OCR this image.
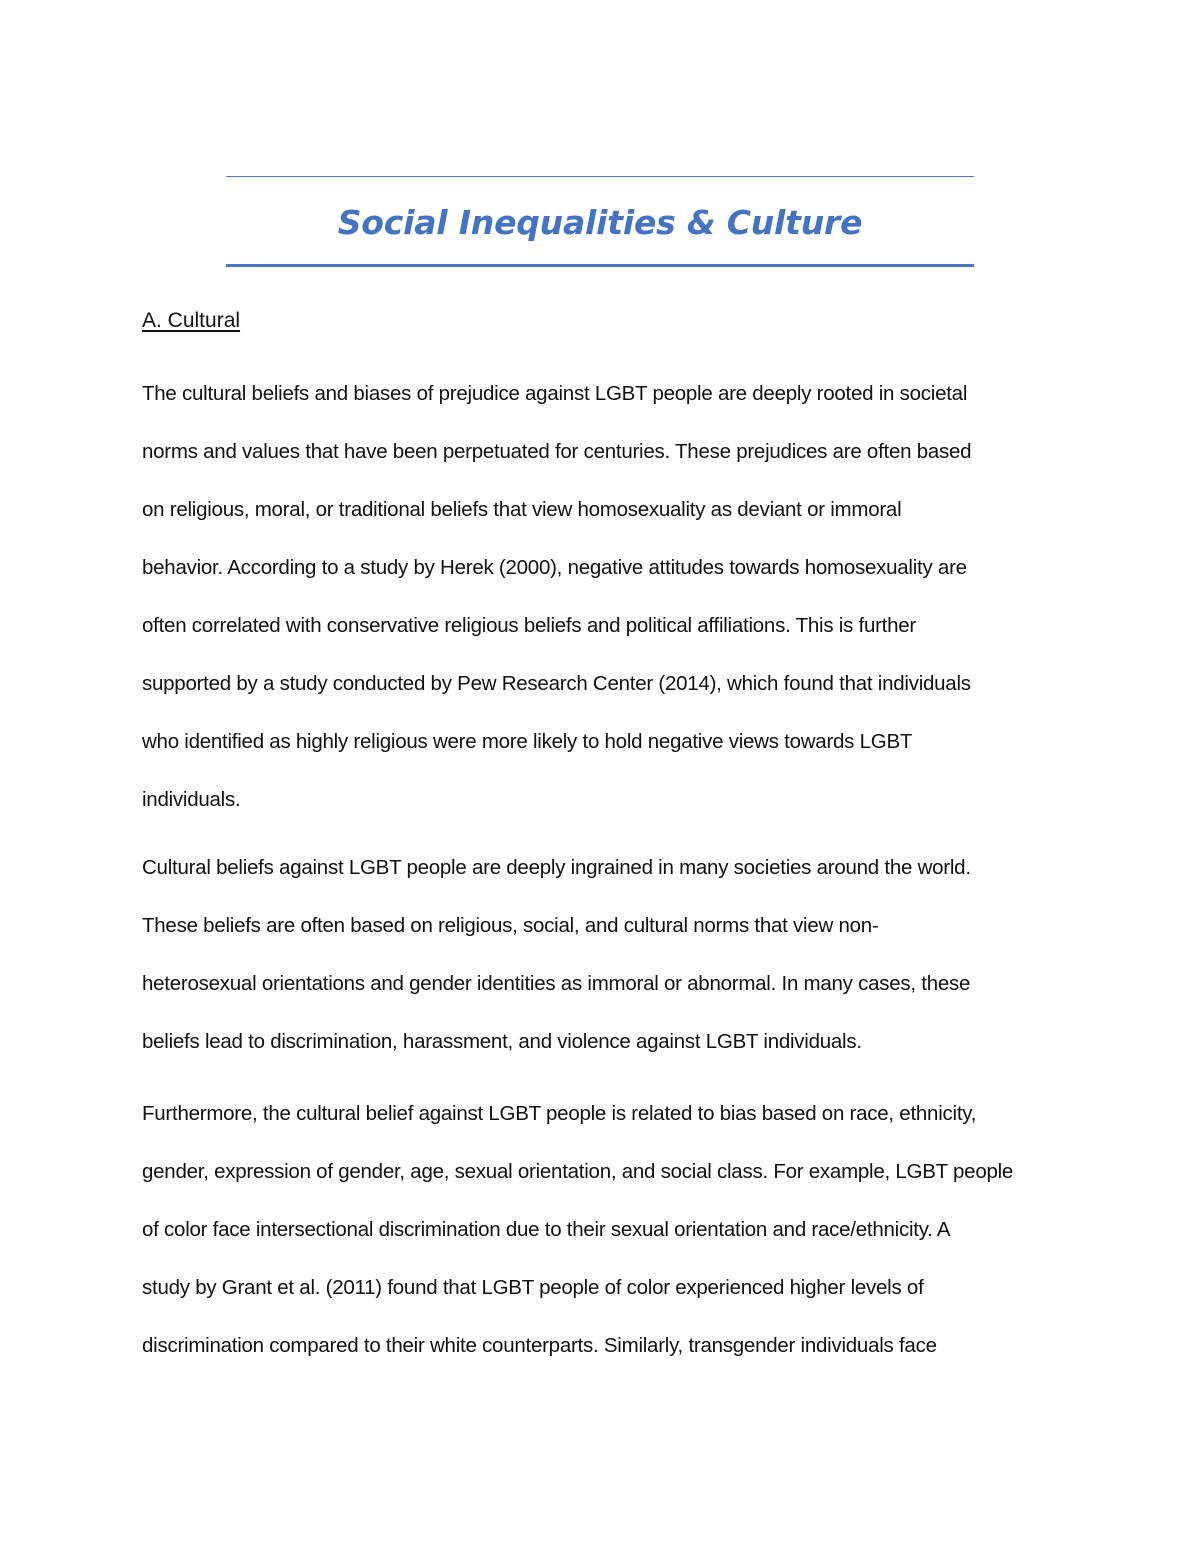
Social Inequalities & Culture
A. Cultural
The cultural beliefs and biases of prejudice against LGBT people are deeply rooted in societal
norms and values that have been perpetuated for centuries. These prejudices are often based
on religious, moral, or traditional beliefs that view homosexuality as deviant or immoral
behavior. According to a study by Herek (2000), negative attitudes towards homosexuality are
often correlated with conservative religious beliefs and political affiliations. This is further
supported by a study conducted by Pew Research Center (2014), which found that individuals
who identified as highly religious were more likely to hold negative views towards LGBT
individuals.
Cultural beliefs against LGBT people are deeply ingrained in many societies around the world.
These beliefs are often based on religious, social, and cultural norms that view non-
heterosexual orientations and gender identities as immoral or abnormal. In many cases, these
beliefs lead to discrimination, harassment, and violence against LGBT individuals.
Furthermore, the cultural belief against LGBT people is related to bias based on race, ethnicity,
gender, expression of gender, age, sexual orientation, and social class. For example, LGBT people
of color face intersectional discrimination due to their sexual orientation and race/ethnicity. A
study by Grant et al. (2011) found that LGBT people of color experienced higher levels of
discrimination compared to their white counterparts. Similarly, transgender individuals face
